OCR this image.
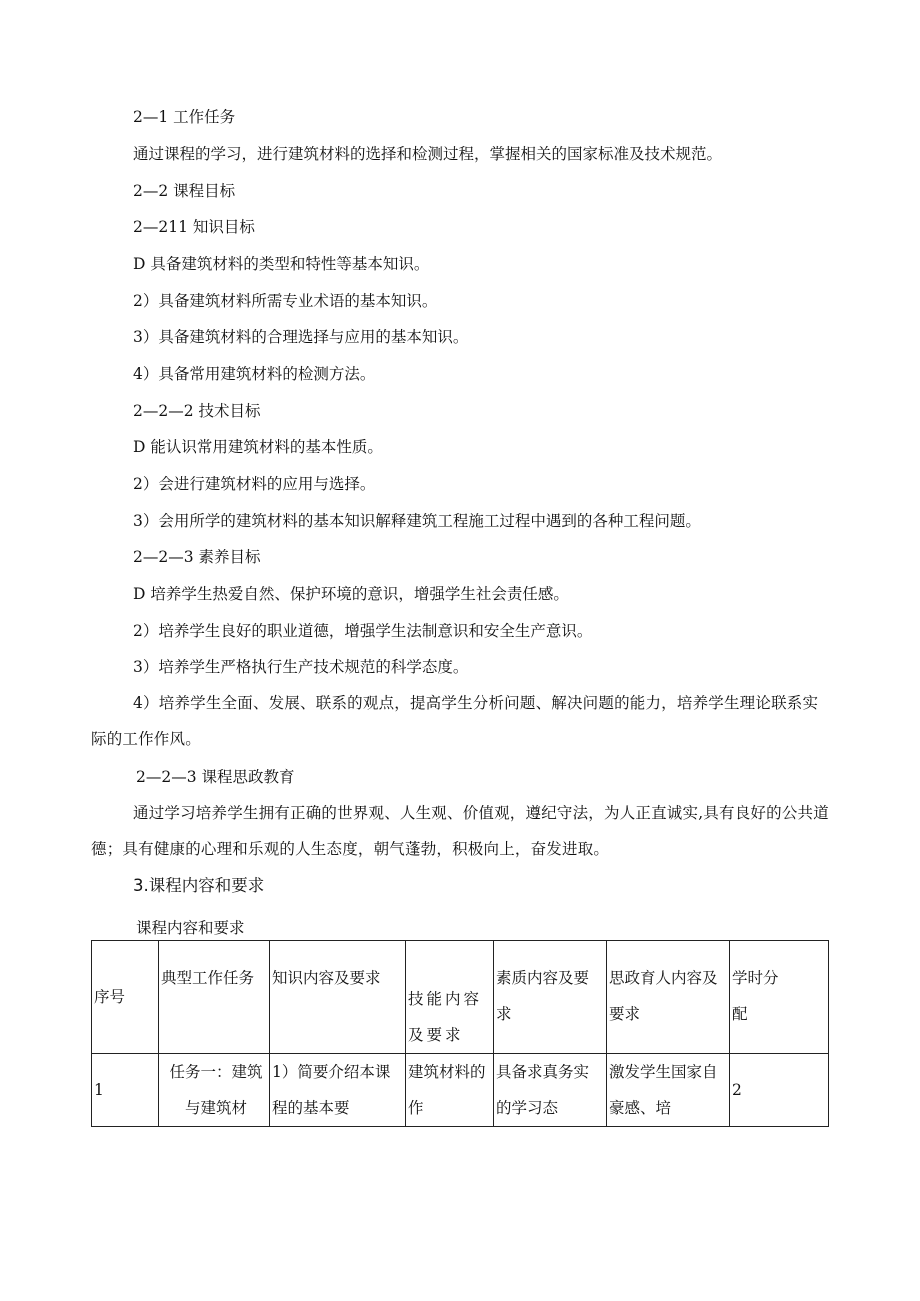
2—1 工作任务

通过课程的学习，进行建筑材料的选择和检测过程，掌握相关的国家标准及技术规范。

2—2 课程目标

2—211 知识目标

D 具备建筑材料的类型和特性等基本知识。

2）具备建筑材料所需专业术语的基本知识。

3）具备建筑材料的合理选择与应用的基本知识。

4）具备常用建筑材料的检测方法。

2—2—2 技术目标

D 能认识常用建筑材料的基本性质。

2）会进行建筑材料的应用与选择。

3）会用所学的建筑材料的基本知识解释建筑工程施工过程中遇到的各种工程问题。

2—2—3 素养目标

D 培养学生热爱自然、保护环境的意识，增强学生社会责任感。

2）培养学生良好的职业道德，增强学生法制意识和安全生产意识。

3）培养学生严格执行生产技术规范的科学态度。

4）培养学生全面、发展、联系的观点，提高学生分析问题、解决问题的能力，培养学生理论联系实际的工作作风。

2—2—3 课程思政教育

通过学习培养学生拥有正确的世界观、人生观、价值观，遵纪守法，为人正直诚实,具有良好的公共道德；具有健康的心理和乐观的人生态度，朝气蓬勃，积极向上，奋发进取。

3.课程内容和要求

课程内容和要求

序号	典型工作任务	知识内容及要求	技能内容及要求	素质内容及要求	思政育人内容及要求	学时分配

1	任务一：建筑与建筑材	1）简要介绍本课程的基本要	建筑材料的作	具备求真务实的学习态	激发学生国家自豪感、培	2
